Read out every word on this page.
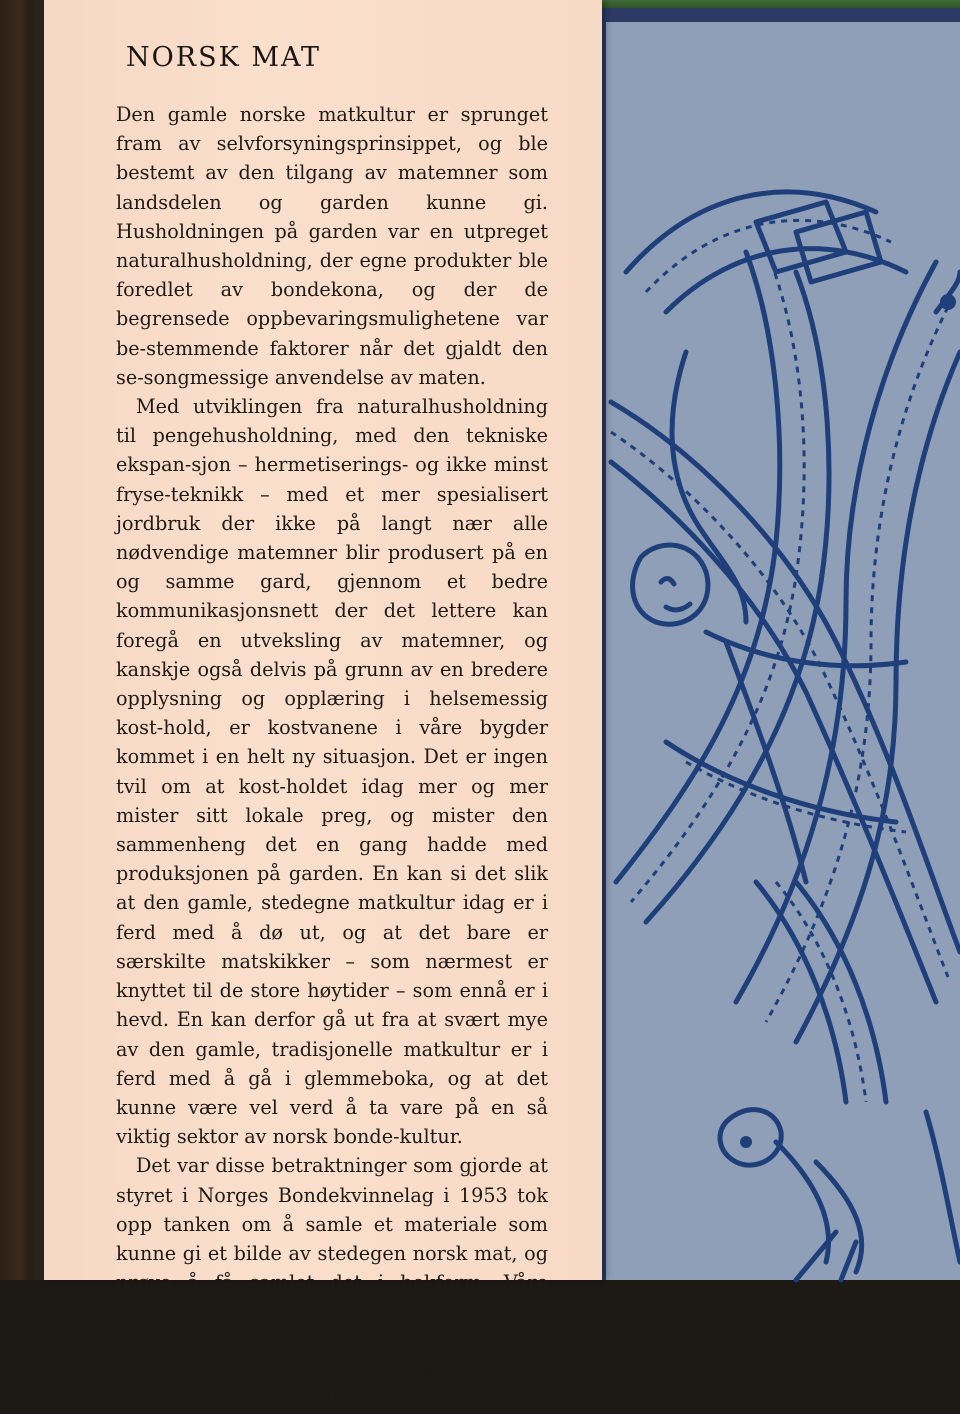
NORSK MAT

Den gamle norske matkultur er sprunget fram av selvforsyningsprinsippet, og ble bestemt av den tilgang av matemner som landsdelen og garden kunne gi. Husholdningen på garden var en utpreget naturalhusholdning, der egne produkter ble foredlet av bondekona, og der de begrensede oppbevaringsmulighetene var be-stemmende faktorer når det gjaldt den se-songmessige anvendelse av maten.

Med utviklingen fra naturalhusholdning til pengehusholdning, med den tekniske ekspan-sjon – hermetiserings- og ikke minst fryse-teknikk – med et mer spesialisert jordbruk der ikke på langt nær alle nødvendige matemner blir produsert på en og samme gard, gjennom et bedre kommunikasjonsnett der det lettere kan foregå en utveksling av matemner, og kanskje også delvis på grunn av en bredere opplysning og opplæring i helsemessig kost-hold, er kostvanene i våre bygder kommet i en helt ny situasjon. Det er ingen tvil om at kost-holdet idag mer og mer mister sitt lokale preg, og mister den sammenheng det en gang hadde med produksjonen på garden. En kan si det slik at den gamle, stedegne matkultur idag er i ferd med å dø ut, og at det bare er særskilte matskikker – som nærmest er knyttet til de store høytider – som ennå er i hevd. En kan derfor gå ut fra at svært mye av den gamle, tradisjonelle matkultur er i ferd med å gå i glemmeboka, og at det kunne være vel verd å ta vare på en så viktig sektor av norsk bonde-kultur.

Det var disse betraktninger som gjorde at styret i Norges Bondekvinnelag i 1953 tok opp tanken om å samle et materiale som kunne gi et bilde av stedegen norsk mat, og prøve å få samlet det i bokform. Våre lokallag over hele landet ble bedt om å samle inn materialet, og en må si de gikk inn for oppgaven med stor interesse og glød. J. W. Cappelens Forlag sa seg
